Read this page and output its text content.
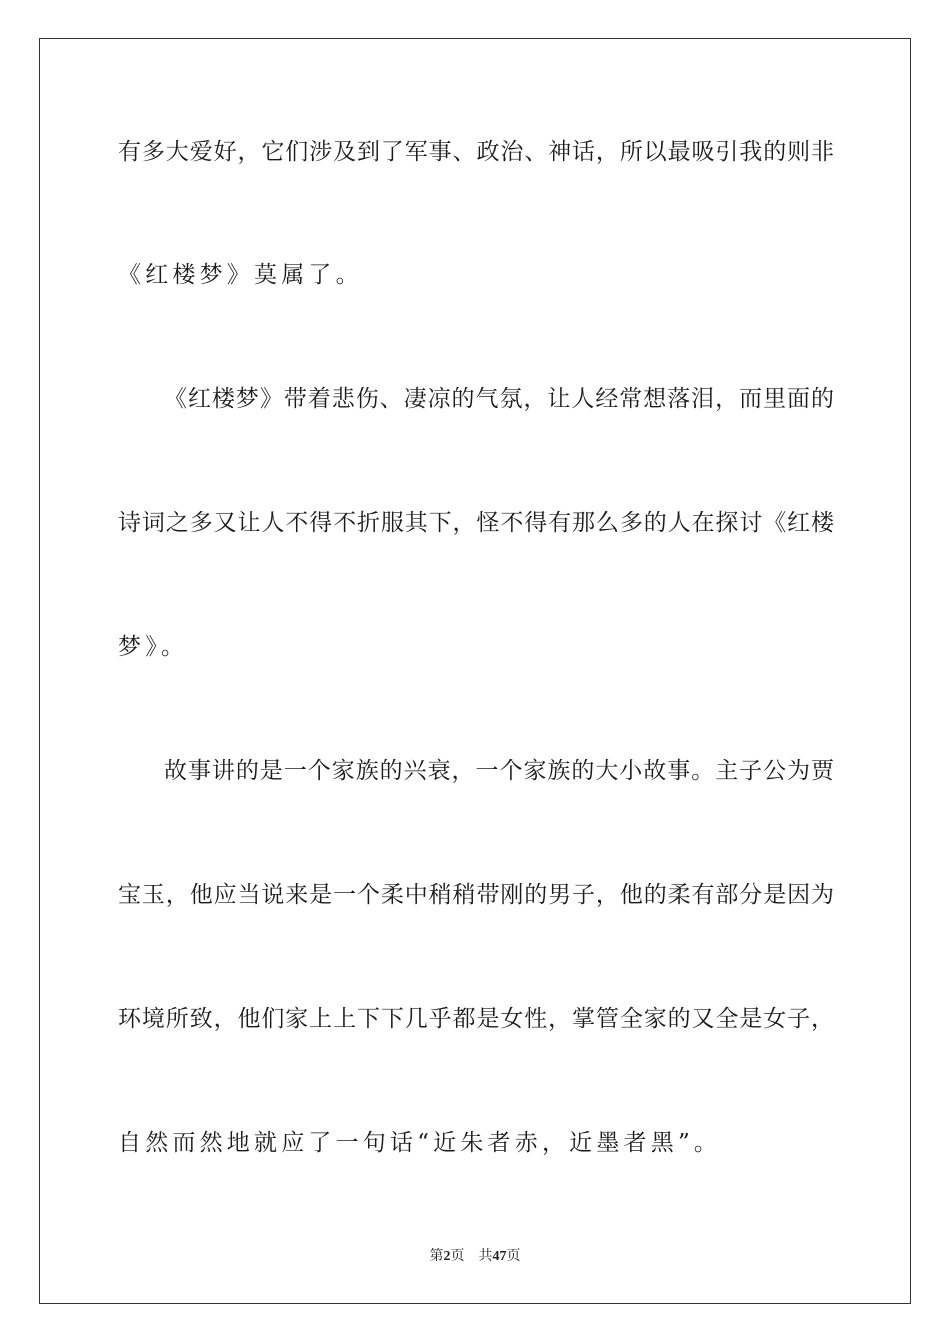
有多大爱好，它们涉及到了军事、政治、神话，所以最吸引我的则非
《红楼梦》莫属了。
《红楼梦》带着悲伤、凄凉的气氛，让人经常想落泪，而里面的
诗词之多又让人不得不折服其下，怪不得有那么多的人在探讨《红楼
梦》。
故事讲的是一个家族的兴衰，一个家族的大小故事。主子公为贾
宝玉，他应当说来是一个柔中稍稍带刚的男子，他的柔有部分是因为
环境所致，他们家上上下下几乎都是女性，掌管全家的又全是女子，
自然而然地就应了一句话“近朱者赤，近墨者黑”。
第2页 共47页
